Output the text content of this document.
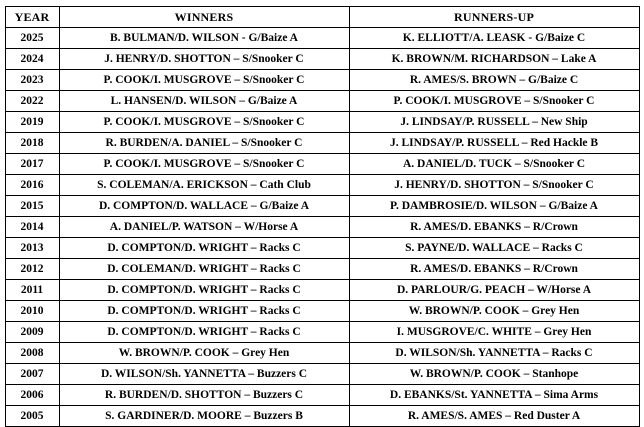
YEAR	WINNERS	RUNNERS-UP
2025	B. BULMAN/D. WILSON - G/Baize A	K. ELLIOTT/A. LEASK - G/Baize C
2024	J. HENRY/D. SHOTTON – S/Snooker C	K. BROWN/M. RICHARDSON – Lake A
2023	P. COOK/I. MUSGROVE – S/Snooker C	R. AMES/S. BROWN – G/Baize C
2022	L. HANSEN/D. WILSON – G/Baize A	P. COOK/I. MUSGROVE – S/Snooker C
2019	P. COOK/I. MUSGROVE – S/Snooker C	J. LINDSAY/P. RUSSELL – New Ship
2018	R. BURDEN/A. DANIEL – S/Snooker C	J. LINDSAY/P. RUSSELL – Red Hackle B
2017	P. COOK/I. MUSGROVE – S/Snooker C	A. DANIEL/D. TUCK – S/Snooker C
2016	S. COLEMAN/A. ERICKSON – Cath Club	J. HENRY/D. SHOTTON – S/Snooker C
2015	D. COMPTON/D. WALLACE – G/Baize A	P. DAMBROSIE/D. WILSON – G/Baize A
2014	A. DANIEL/P. WATSON – W/Horse A	R. AMES/D. EBANKS – R/Crown
2013	D. COMPTON/D. WRIGHT – Racks C	S. PAYNE/D. WALLACE – Racks C
2012	D. COLEMAN/D. WRIGHT – Racks C	R. AMES/D. EBANKS – R/Crown
2011	D. COMPTON/D. WRIGHT – Racks C	D. PARLOUR/G. PEACH – W/Horse A
2010	D. COMPTON/D. WRIGHT – Racks C	W. BROWN/P. COOK – Grey Hen
2009	D. COMPTON/D. WRIGHT – Racks C	I. MUSGROVE/C. WHITE – Grey Hen
2008	W. BROWN/P. COOK – Grey Hen	D. WILSON/Sh. YANNETTA – Racks C
2007	D. WILSON/Sh. YANNETTA – Buzzers C	W. BROWN/P. COOK – Stanhope
2006	R. BURDEN/D. SHOTTON – Buzzers C	D. EBANKS/St. YANNETTA – Sima Arms
2005	S. GARDINER/D. MOORE – Buzzers B	R. AMES/S. AMES – Red Duster A
